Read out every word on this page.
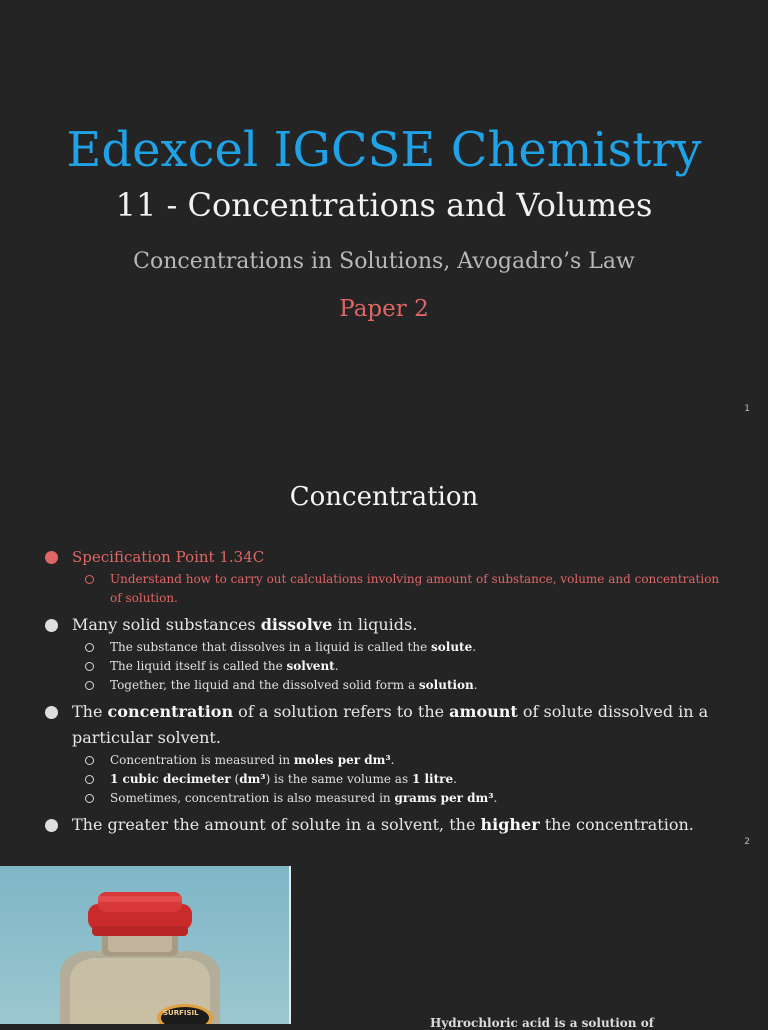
Edexcel IGCSE Chemistry
11 - Concentrations and Volumes
Concentrations in Solutions, Avogadro’s Law
Paper 2
1
Concentration
Specification Point 1.34C
Understand how to carry out calculations involving amount of substance, volume and concentration of solution.
Many solid substances dissolve in liquids.
The substance that dissolves in a liquid is called the solute.
The liquid itself is called the solvent.
Together, the liquid and the dissolved solid form a solution.
The concentration of a solution refers to the amount of solute dissolved in a particular solvent.
Concentration is measured in moles per dm³.
1 cubic decimeter (dm³) is the same volume as 1 litre.
Sometimes, concentration is also measured in grams per dm³.
The greater the amount of solute in a solvent, the higher the concentration.
2
SURFISIL
Hydrochloric acid is a solution of
